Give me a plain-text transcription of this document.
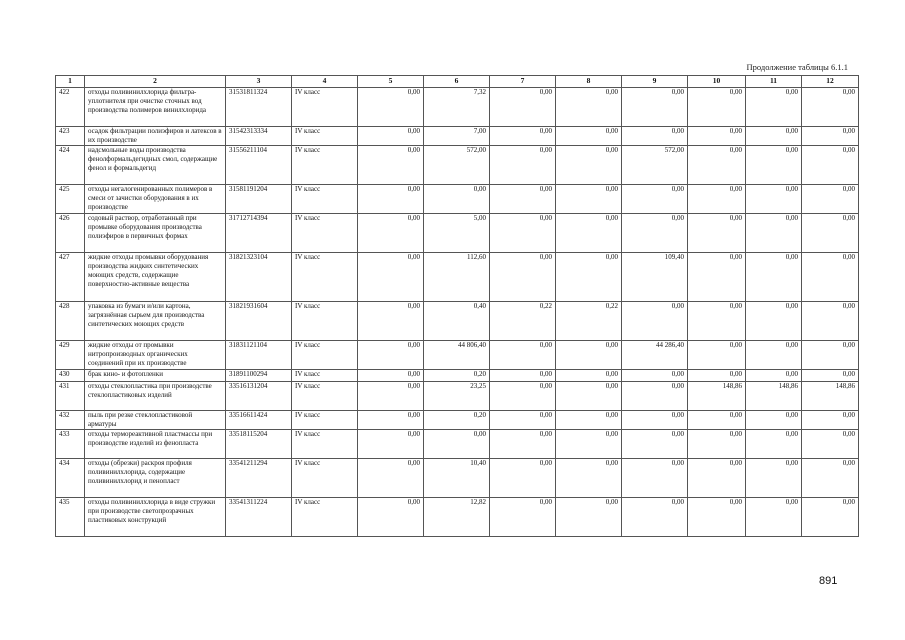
Продолжение таблицы 6.1.1
1	2	3	4	5	6	7	8	9	10	11	12
422	отходы поливинилхлорида фильтра-уплотнителя при очистке сточных вод производства полимеров винилхлорида	31531811324	IV класс	0,00	7,32	0,00	0,00	0,00	0,00	0,00	0,00
423	осадок фильтрации полиэфиров и латексов в их производстве	31542313334	IV класс	0,00	7,00	0,00	0,00	0,00	0,00	0,00	0,00
424	надсмольные воды производства фенолформальдегидных смол, содержащие фенол и формальдегид	31556211104	IV класс	0,00	572,00	0,00	0,00	572,00	0,00	0,00	0,00
425	отходы негалогенированных полимеров в смеси от зачистки оборудования в их производстве	31581191204	IV класс	0,00	0,00	0,00	0,00	0,00	0,00	0,00	0,00
426	содовый раствор, отработанный при промывке оборудования производства полиэфиров в первичных формах	31712714394	IV класс	0,00	5,00	0,00	0,00	0,00	0,00	0,00	0,00
427	жидкие отходы промывки оборудования производства жидких синтетических моющих средств, содержащие поверхностно-активные вещества	31821323104	IV класс	0,00	112,60	0,00	0,00	109,40	0,00	0,00	0,00
428	упаковка из бумаги и/или картона, загрязнённая сырьем для производства синтетических моющих средств	31821931604	IV класс	0,00	0,40	0,22	0,22	0,00	0,00	0,00	0,00
429	жидкие отходы от промывки нитропроизводных органических соединений при их производстве	31831121104	IV класс	0,00	44 806,40	0,00	0,00	44 286,40	0,00	0,00	0,00
430	брак кино- и фотопленки	31891100294	IV класс	0,00	0,20	0,00	0,00	0,00	0,00	0,00	0,00
431	отходы стеклопластика при производстве стеклопластиковых изделий	33516131204	IV класс	0,00	23,25	0,00	0,00	0,00	148,86	148,86	148,86
432	пыль при резке стеклопластиковой арматуры	33516611424	IV класс	0,00	0,20	0,00	0,00	0,00	0,00	0,00	0,00
433	отходы термореактивной пластмассы при производстве изделий из фенопласта	33518115204	IV класс	0,00	0,00	0,00	0,00	0,00	0,00	0,00	0,00
434	отходы (обрезки) раскроя профиля поливинилхлорида, содержащие поливинилхлорид и пенопласт	33541211294	IV класс	0,00	10,40	0,00	0,00	0,00	0,00	0,00	0,00
435	отходы поливинилхлорида в виде стружки при производстве светопрозрачных пластиковых конструкций	33541311224	IV класс	0,00	12,82	0,00	0,00	0,00	0,00	0,00	0,00
891
